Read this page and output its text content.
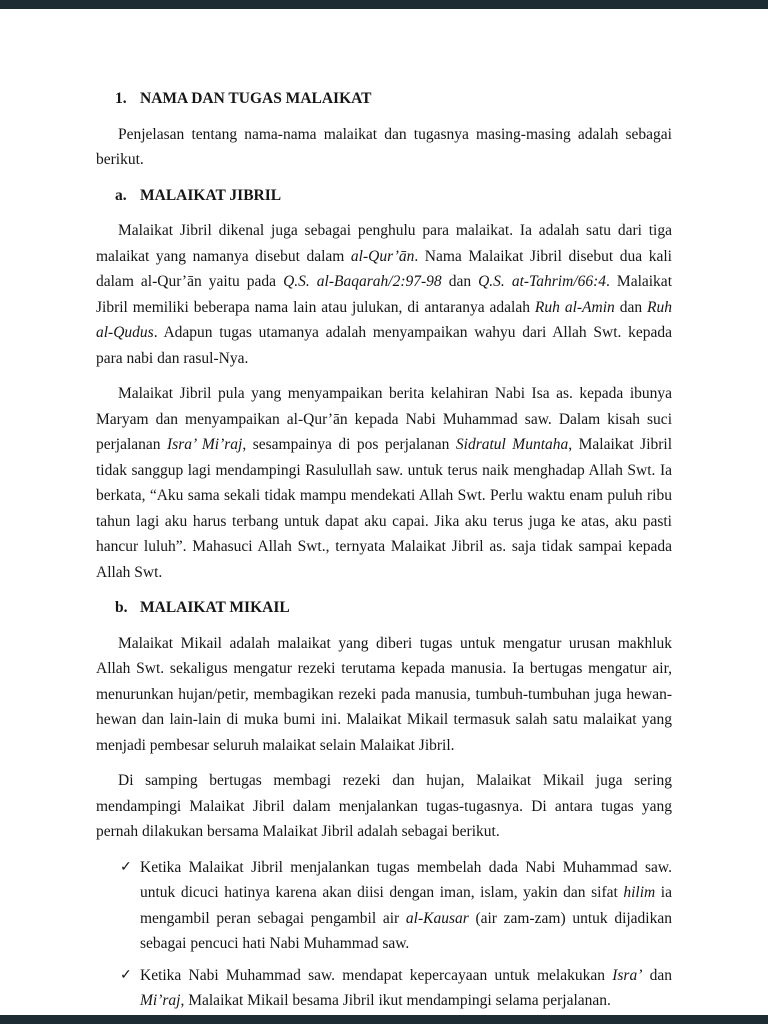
1. NAMA DAN TUGAS MALAIKAT

Penjelasan tentang nama-nama malaikat dan tugasnya masing-masing adalah sebagai berikut.

a. MALAIKAT JIBRIL

Malaikat Jibril dikenal juga sebagai penghulu para malaikat. Ia adalah satu dari tiga malaikat yang namanya disebut dalam al-Qur’ān. Nama Malaikat Jibril disebut dua kali dalam al-Qur’ān yaitu pada Q.S. al-Baqarah/2:97-98 dan Q.S. at-Tahrim/66:4. Malaikat Jibril memiliki beberapa nama lain atau julukan, di antaranya adalah Ruh al-Amin dan Ruh al-Qudus. Adapun tugas utamanya adalah menyampaikan wahyu dari Allah Swt. kepada para nabi dan rasul-Nya.

Malaikat Jibril pula yang menyampaikan berita kelahiran Nabi Isa as. kepada ibunya Maryam dan menyampaikan al-Qur’ān kepada Nabi Muhammad saw. Dalam kisah suci perjalanan Isra’ Mi’raj, sesampainya di pos perjalanan Sidratul Muntaha, Malaikat Jibril tidak sanggup lagi mendampingi Rasulullah saw. untuk terus naik menghadap Allah Swt. Ia berkata, “Aku sama sekali tidak mampu mendekati Allah Swt. Perlu waktu enam puluh ribu tahun lagi aku harus terbang untuk dapat aku capai. Jika aku terus juga ke atas, aku pasti hancur luluh”. Mahasuci Allah Swt., ternyata Malaikat Jibril as. saja tidak sampai kepada Allah Swt.

b. MALAIKAT MIKAIL

Malaikat Mikail adalah malaikat yang diberi tugas untuk mengatur urusan makhluk Allah Swt. sekaligus mengatur rezeki terutama kepada manusia. Ia bertugas mengatur air, menurunkan hujan/petir, membagikan rezeki pada manusia, tumbuh-tumbuhan juga hewan-hewan dan lain-lain di muka bumi ini. Malaikat Mikail termasuk salah satu malaikat yang menjadi pembesar seluruh malaikat selain Malaikat Jibril.

Di samping bertugas membagi rezeki dan hujan, Malaikat Mikail juga sering mendampingi Malaikat Jibril dalam menjalankan tugas-tugasnya. Di antara tugas yang pernah dilakukan bersama Malaikat Jibril adalah sebagai berikut.

✓ Ketika Malaikat Jibril menjalankan tugas membelah dada Nabi Muhammad saw. untuk dicuci hatinya karena akan diisi dengan iman, islam, yakin dan sifat hilim ia mengambil peran sebagai pengambil air al-Kausar (air zam-zam) untuk dijadikan sebagai pencuci hati Nabi Muhammad saw.
✓ Ketika Nabi Muhammad saw. mendapat kepercayaan untuk melakukan Isra’ dan Mi’raj, Malaikat Mikail besama Jibril ikut mendampingi selama perjalanan.
